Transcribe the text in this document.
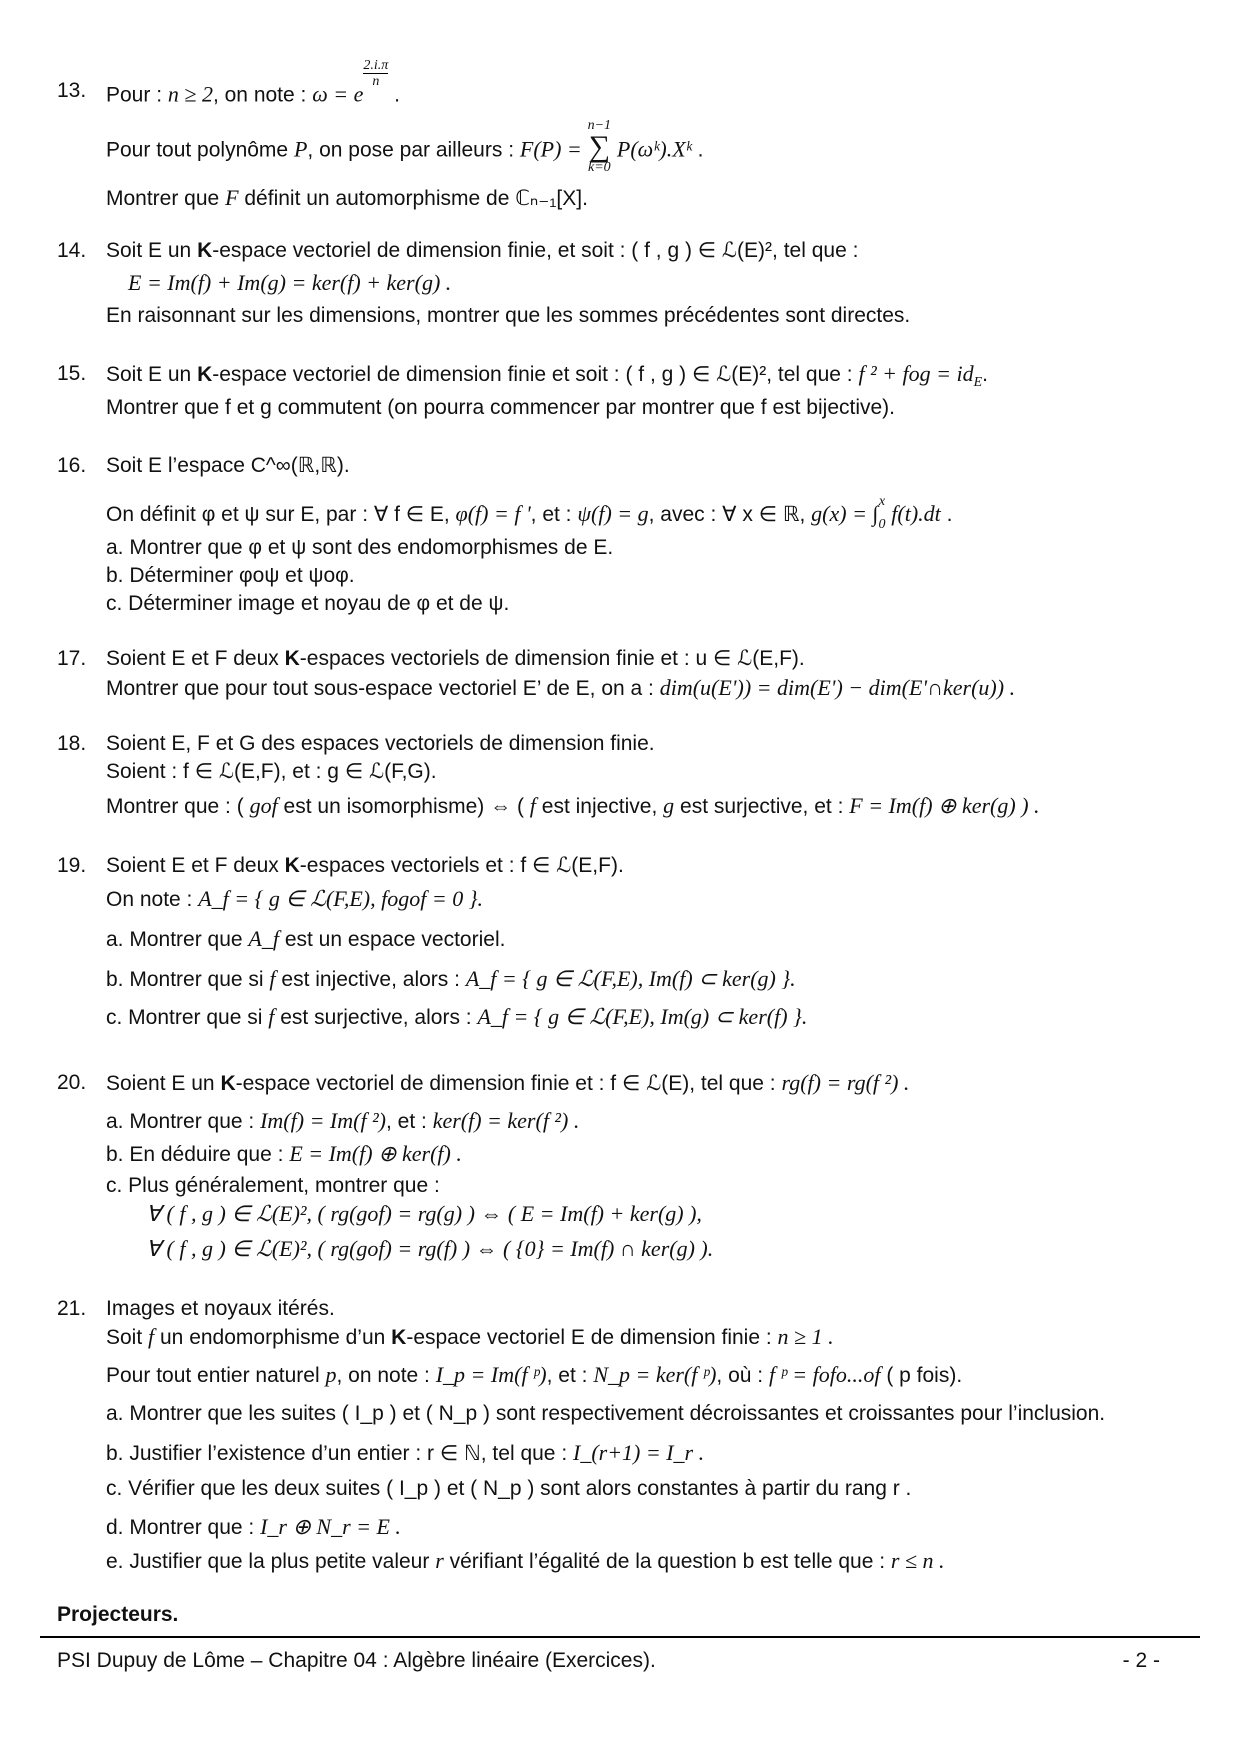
13. Pour : n ≥ 2, on note : ω = e
$\frac{2.i.\pi}{n}$
.
Pour tout polynôme P, on pose par ailleurs : F(P) =
n−1
∑
k=0
P(ωᵏ).Xᵏ .
Montrer que F définit un automorphisme de ℂₙ₋₁[X].
14. Soit E un K-espace vectoriel de dimension finie, et soit : ( f , g ) ∈ ℒ(E)², tel que :
E = Im(f) + Im(g) = ker(f) + ker(g) .
En raisonnant sur les dimensions, montrer que les sommes précédentes sont directes.
15. Soit E un K-espace vectoriel de dimension finie et soit : ( f , g ) ∈ ℒ(E)², tel que : f ² + fog = $id_E$.
Montrer que f et g commutent (on pourra commencer par montrer que f est bijective).
16. Soit E l’espace C^∞(ℝ,ℝ).
On définit φ et ψ sur E, par : ∀ f ∈ E, φ(f) = f ', et : ψ(f) = g, avec : ∀ x ∈ ℝ, g(x) = ∫ x
0 f(t).dt .
a. Montrer que φ et ψ sont des endomorphismes de E.
b. Déterminer φoψ et ψoφ.
c. Déterminer image et noyau de φ et de ψ.
17. Soient E et F deux K-espaces vectoriels de dimension finie et : u ∈ ℒ(E,F).
Montrer que pour tout sous-espace vectoriel E’ de E, on a : dim(u(E')) = dim(E') − dim(E'∩ker(u)) .
18. Soient E, F et G des espaces vectoriels de dimension finie.
Soient : f ∈ ℒ(E,F), et : g ∈ ℒ(F,G).
Montrer que : ( gof est un isomorphisme) ⇔ ( f est injective, g est surjective, et : F = Im(f) ⊕ ker(g) ) .
19. Soient E et F deux K-espaces vectoriels et : f ∈ ℒ(E,F).
On note : A_f = { g ∈ ℒ(F,E), fogof = 0 }.
a. Montrer que A_f est un espace vectoriel.
b. Montrer que si f est injective, alors : A_f = { g ∈ ℒ(F,E), Im(f) ⊂ ker(g) }.
c. Montrer que si f est surjective, alors : A_f = { g ∈ ℒ(F,E), Im(g) ⊂ ker(f) }.
20. Soient E un K-espace vectoriel de dimension finie et : f ∈ ℒ(E), tel que : rg(f) = rg(f ²) .
a. Montrer que : Im(f) = Im(f ²), et : ker(f) = ker(f ²) .
b. En déduire que : E = Im(f) ⊕ ker(f) .
c. Plus généralement, montrer que :
∀ ( f , g ) ∈ ℒ(E)², ( rg(gof) = rg(g) ) ⇔ ( E = Im(f) + ker(g) ),
∀ ( f , g ) ∈ ℒ(E)², ( rg(gof) = rg(f) ) ⇔ ( {0} = Im(f) ∩ ker(g) ).
21. Images et noyaux itérés.
Soit f un endomorphisme d’un K-espace vectoriel E de dimension finie : n ≥ 1 .
Pour tout entier naturel p, on note : I_p = Im(f ᵖ), et : N_p = ker(f ᵖ), où : f ᵖ = fofo...of ( p fois).
a. Montrer que les suites ( I_p ) et ( N_p ) sont respectivement décroissantes et croissantes pour l’inclusion.
b. Justifier l’existence d’un entier : r ∈ ℕ, tel que : I_(r+1) = I_r .
c. Vérifier que les deux suites ( I_p ) et ( N_p ) sont alors constantes à partir du rang r .
d. Montrer que : I_r ⊕ N_r = E .
e. Justifier que la plus petite valeur r vérifiant l’égalité de la question b est telle que : r ≤ n .
Projecteurs.
PSI Dupuy de Lôme – Chapitre 04 : Algèbre linéaire (Exercices).	- 2 -
